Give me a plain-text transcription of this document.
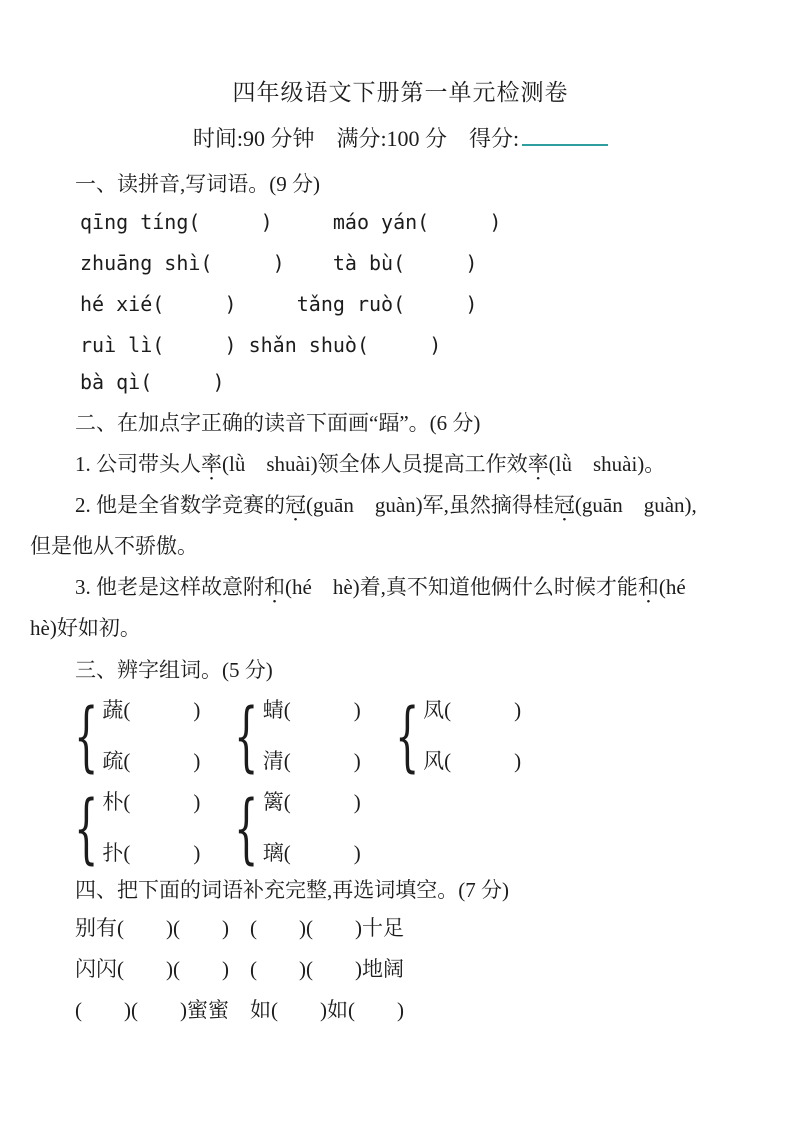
四年级语文下册第一单元检测卷
时间:90 分钟　满分:100 分　得分:
一、读拼音,写词语。(9 分)
qīng tíng(     )     máo yán(     )
zhuāng shì(     )    tà bù(     )
hé xié(     )     tǎng ruò(     )
ruì lì(     ) shǎn shuò(     )
bà qì(     )
二、在加点字正确的读音下面画“踾”。(6 分)
1. 公司带头人率(lǜ　shuài)领全体人员提高工作效率(lǜ　shuài)。
2. 他是全省数学竞赛的冠(guān　guàn)军,虽然摘得桂冠(guān　guàn),
但是他从不骄傲。
3. 他老是这样故意附和(hé　hè)着,真不知道他俩什么时候才能和(hé
hè)好如初。
三、辨字组词。(5 分)
{ 蔬(　　　)
疏(　　　) { 蜻(　　　)
清(　　　) { 凤(　　　)
风(　　　)
{ 朴(　　　)
扑(　　　) { 篱(　　　)
璃(　　　)
四、把下面的词语补充完整,再选词填空。(7 分)
别有(　　)(　　)　(　　)(　　)十足
闪闪(　　)(　　)　(　　)(　　)地阔
(　　)(　　)蜜蜜　如(　　)如(　　)
